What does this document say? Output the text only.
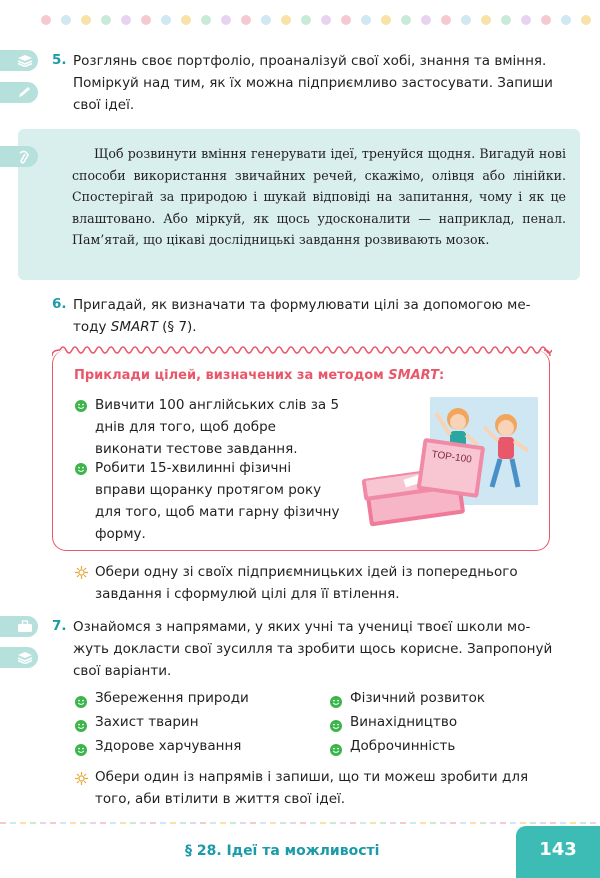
5. Розглянь своє портфоліо, проаналізуй свої хобі, знання та вміння. Поміркуй над тим, як їх можна підприємливо застосувати. Запиши свої ідеї.
Щоб розвинути вміння генерувати ідеї, тренуйся щодня. Вигадуй нові способи використання звичайних речей, скажімо, олівця або лінійки. Спостерігай за природою і шукай відповіді на запитання, чому і як це влаштовано. Або міркуй, як щось удосконалити — наприклад, пенал. Пам’ятай, що цікаві дослідницькі завдання розвивають мозок.
6. Пригадай, як визначати та формулювати цілі за допомогою методу SMART (§ 7).
Приклади цілей, визначених за методом SMART:
Вивчити 100 англійських слів за 5 днів для того, щоб добре виконати тестове завдання.
Робити 15-хвилинні фізичні вправи щоранку протягом року для того, щоб мати гарну фізичну форму.
TOP-100
Обери одну зі своїх підприємницьких ідей із попереднього завдання і сформулюй цілі для її втілення.
7. Ознайомся з напрямами, у яких учні та учениці твоєї школи можуть докласти свої зусилля та зробити щось корисне. Запропонуй свої варіанти.
Збереження природи
Захист тварин
Здорове харчування
Фізичний розвиток
Винахідництво
Доброчинність
Обери один із напрямів і запиши, що ти можеш зробити для того, аби втілити в життя свої ідеї.
§ 28. Ідеї та можливості	143
